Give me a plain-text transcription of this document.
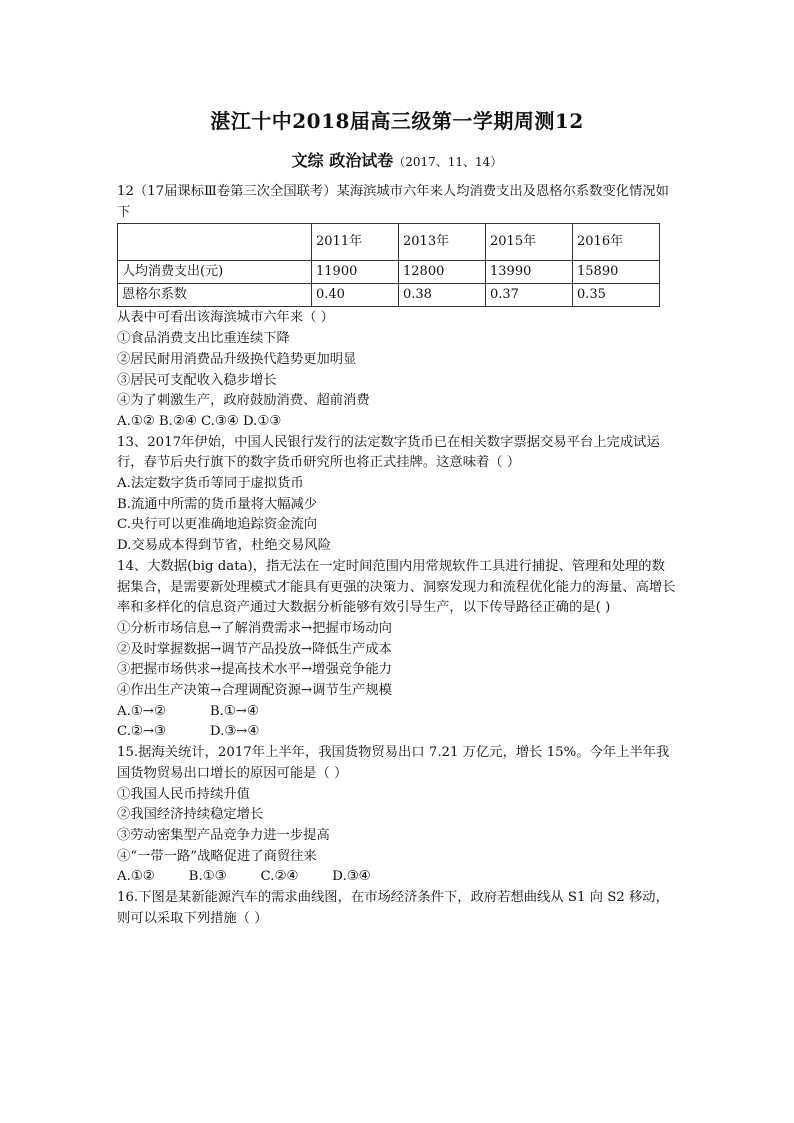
湛江十中2018届高三级第一学期周测12
文综 政治试卷（2017、11、14）

12（17届课标Ⅲ卷第三次全国联考）某海滨城市六年来人均消费支出及恩格尔系数变化情况如下

	2011年	2013年	2015年	2016年
人均消费支出(元)	11900	12800	13990	15890
恩格尔系数	0.40	0.38	0.37	0.35

从表中可看出该海滨城市六年来（ ）

①食品消费支出比重连续下降

②居民耐用消费品升级换代趋势更加明显

③居民可支配收入稳步增长

④为了刺激生产，政府鼓励消费、超前消费

A.①② B.②④ C.③④ D.①③

13、2017年伊始，中国人民银行发行的法定数字货币已在相关数字票据交易平台上完成试运行，春节后央行旗下的数字货币研究所也将正式挂牌。这意味着（ ）

A.法定数字货币等同于虚拟货币

B.流通中所需的货币量将大幅减少

C.央行可以更准确地追踪资金流向

D.交易成本得到节省，杜绝交易风险

14、大数据(big data)，指无法在一定时间范围内用常规软件工具进行捕捉、管理和处理的数据集合，是需要新处理模式才能具有更强的决策力、洞察发现力和流程优化能力的海量、高增长率和多样化的信息资产通过大数据分析能够有效引导生产，以下传导路径正确的是( )

①分析市场信息→了解消费需求→把握市场动向

②及时掌握数据→调节产品投放→降低生产成本

③把握市场供求→提高技术水平→增强竞争能力

④作出生产决策→合理调配资源→调节生产规模

A.①→②	B.①→④

C.②→③	D.③→④

15.据海关统计，2017年上半年，我国货物贸易出口 7.21 万亿元，增长 15%。今年上半年我国货物贸易出口增长的原因可能是（ ）

①我国人民币持续升值

②我国经济持续稳定增长

③劳动密集型产品竞争力进一步提高

④“一带一路”战略促进了商贸往来

A.①②	B.①③	C.②④	D.③④

16.下图是某新能源汽车的需求曲线图，在市场经济条件下，政府若想曲线从 S1 向 S2 移动，则可以采取下列措施（ ）
